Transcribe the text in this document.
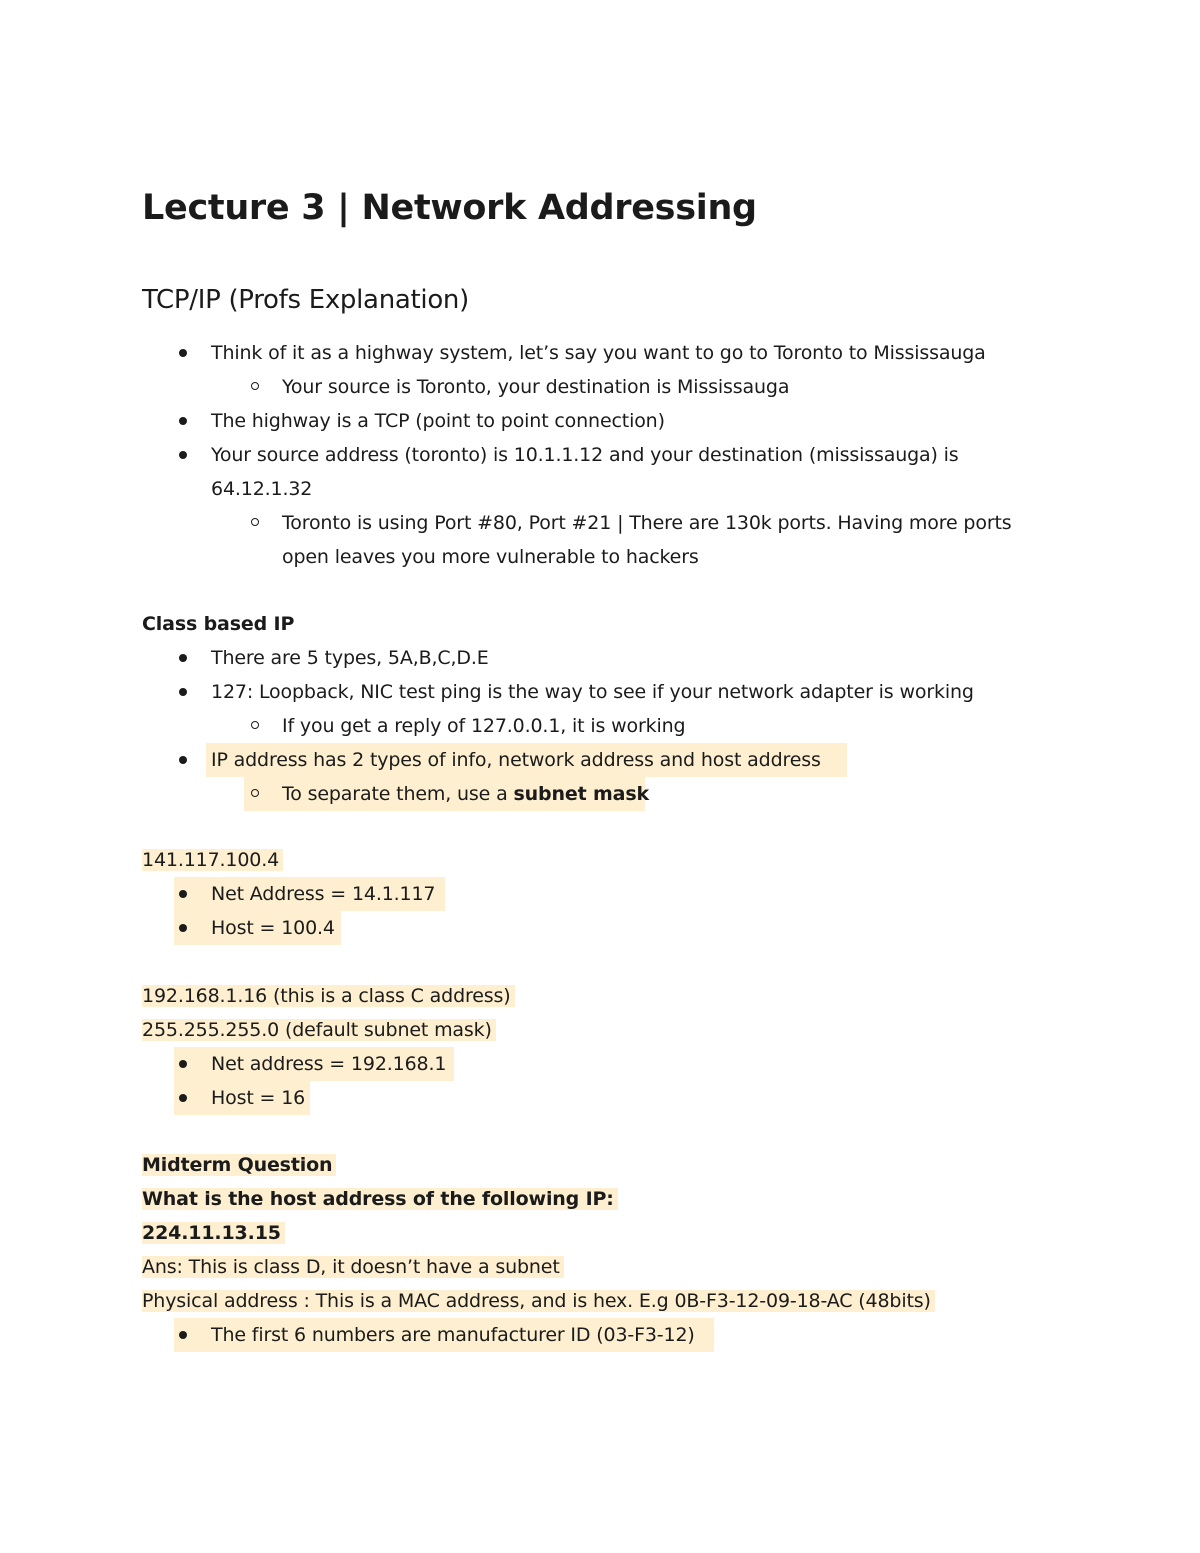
Lecture 3 | Network Addressing
TCP/IP (Profs Explanation)
Think of it as a highway system, let’s say you want to go to Toronto to Mississauga
Your source is Toronto, your destination is Mississauga
The highway is a TCP (point to point connection)
Your source address (toronto) is 10.1.1.12 and your destination (mississauga) is
64.12.1.32
Toronto is using Port #80, Port #21 | There are 130k ports. Having more ports
open leaves you more vulnerable to hackers
Class based IP
There are 5 types, 5A,B,C,D.E
127: Loopback, NIC test ping is the way to see if your network adapter is working
If you get a reply of 127.0.0.1, it is working
IP address has 2 types of info, network address and host address
To separate them, use a subnet mask
141.117.100.4
Net Address = 14.1.117
Host = 100.4
192.168.1.16 (this is a class C address)
255.255.255.0 (default subnet mask)
Net address = 192.168.1
Host = 16
Midterm Question
What is the host address of the following IP:
224.11.13.15
Ans: This is class D, it doesn’t have a subnet
Physical address : This is a MAC address, and is hex. E.g 0B-F3-12-09-18-AC (48bits)
The first 6 numbers are manufacturer ID (03-F3-12)
